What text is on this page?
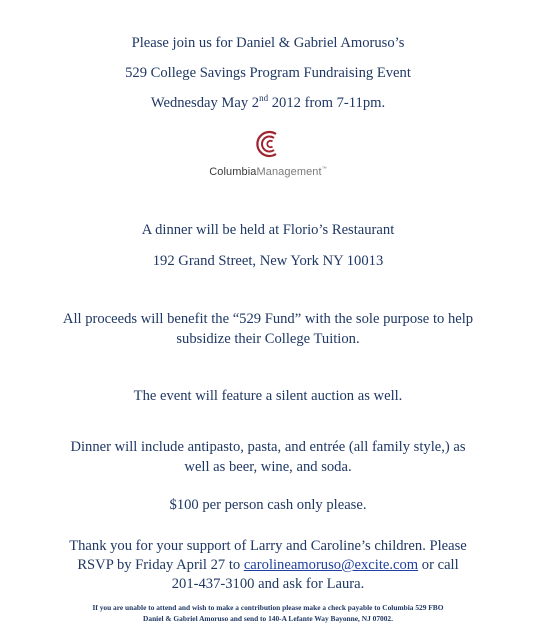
Please join us for Daniel & Gabriel Amoruso’s
529 College Savings Program Fundraising Event
Wednesday May 2nd 2012 from 7-11pm.
ColumbiaManagement™
A dinner will be held at Florio’s Restaurant
192 Grand Street, New York NY 10013
All proceeds will benefit the “529 Fund” with the sole purpose to help
subsidize their College Tuition.
The event will feature a silent auction as well.
Dinner will include antipasto, pasta, and entrée (all family style,) as
well as beer, wine, and soda.
$100 per person cash only please.
Thank you for your support of Larry and Caroline’s children. Please
RSVP by Friday April 27 to carolineamoruso@excite.com or call
201-437-3100 and ask for Laura.
If you are unable to attend and wish to make a contribution please make a check payable to Columbia 529 FBO
Daniel & Gabriel Amoruso and send to 140-A Lefante Way Bayonne, NJ 07002.
